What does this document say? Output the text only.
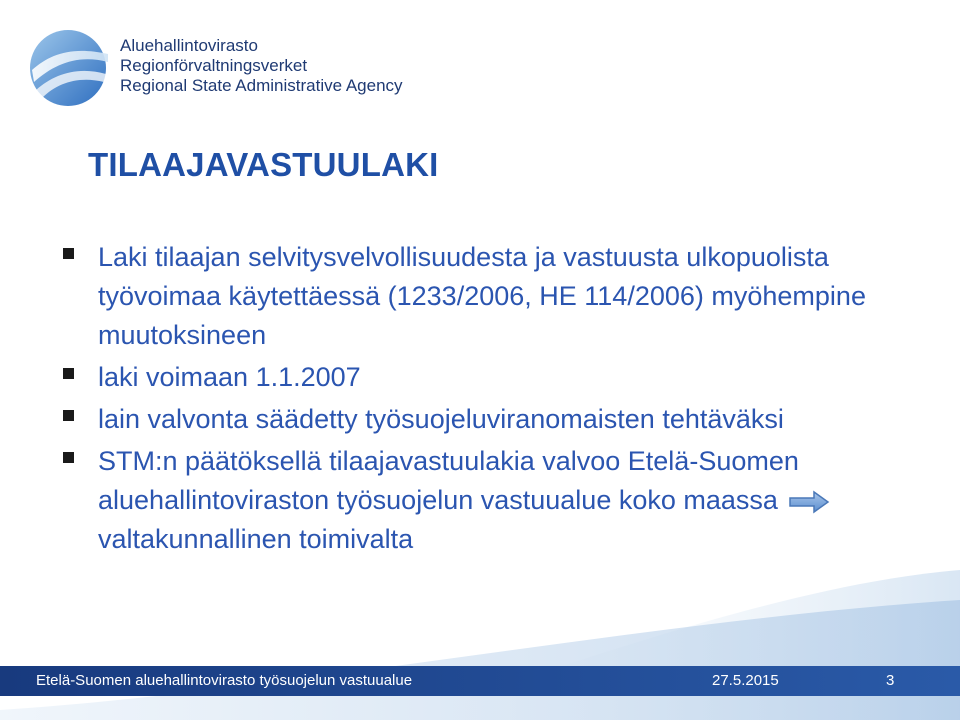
Aluehallintovirasto
Regionförvaltningsverket
Regional State Administrative Agency
TILAAJAVASTUULAKI
Laki tilaajan selvitysvelvollisuudesta ja vastuusta ulkopuolista työvoimaa käytettäessä (1233/2006, HE 114/2006) myöhempine muutoksineen
laki voimaan 1.1.2007
lain valvonta säädetty työsuojeluviranomaisten tehtäväksi
STM:n päätöksellä tilaajavastuulakia valvoo Etelä-Suomen aluehallintoviraston työsuojelun vastuualue koko maassavaltakunnallinen toimivalta
Etelä-Suomen aluehallintovirasto työsuojelun vastuualue	27.5.2015	3
